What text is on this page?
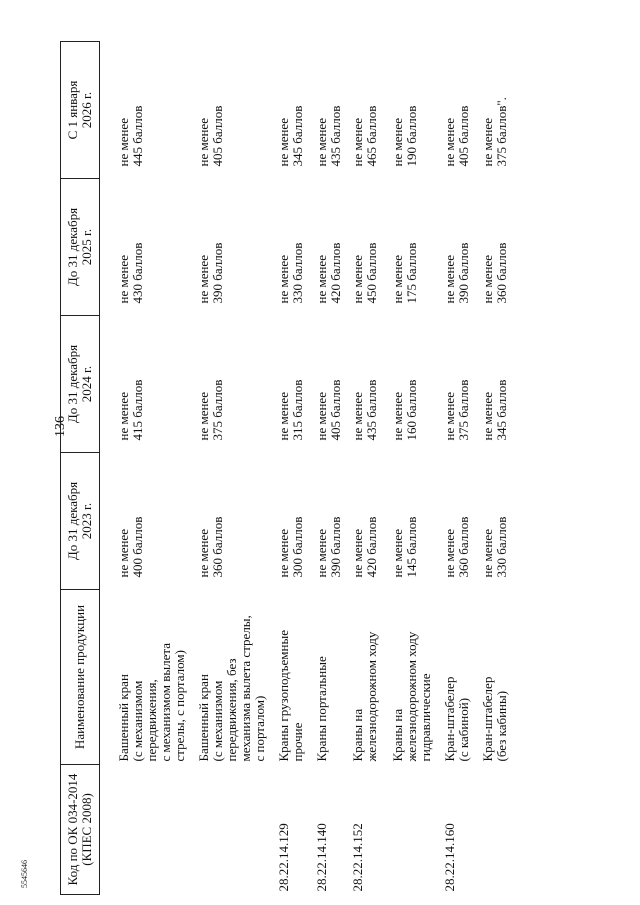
136
5545646	Код по ОК 034-2014 (КПЕС 2008)	Наименование продукции	До 31 декабря 2023 г.	До 31 декабря 2024 г.	До 31 декабря 2025 г.	С 1 января 2026 г.

	Башенный кран (с механизмом передвижения, с механизмом вылета стрелы, с порталом)	не менее 400 баллов	не менее 415 баллов	не менее 430 баллов	не менее 445 баллов

	Башенный кран (с механизмом передвижения, без механизма вылета стрелы, с порталом)	не менее 360 баллов	не менее 375 баллов	не менее 390 баллов	не менее 405 баллов

28.22.14.129	Краны грузоподъемные прочие	не менее 300 баллов	не менее 315 баллов	не менее 330 баллов	не менее 345 баллов

28.22.14.140	Краны портальные	не менее 390 баллов	не менее 405 баллов	не менее 420 баллов	не менее 435 баллов

28.22.14.152	Краны на железнодорожном ходу	не менее 420 баллов	не менее 435 баллов	не менее 450 баллов	не менее 465 баллов

	Краны на железнодорожном ходу гидравлические	не менее 145 баллов	не менее 160 баллов	не менее 175 баллов	не менее 190 баллов

28.22.14.160	Кран-штабелер (с кабиной)	не менее 360 баллов	не менее 375 баллов	не менее 390 баллов	не менее 405 баллов

	Кран-штабелер (без кабины)	не менее 330 баллов	не менее 345 баллов	не менее 360 баллов	не менее 375 баллов".
